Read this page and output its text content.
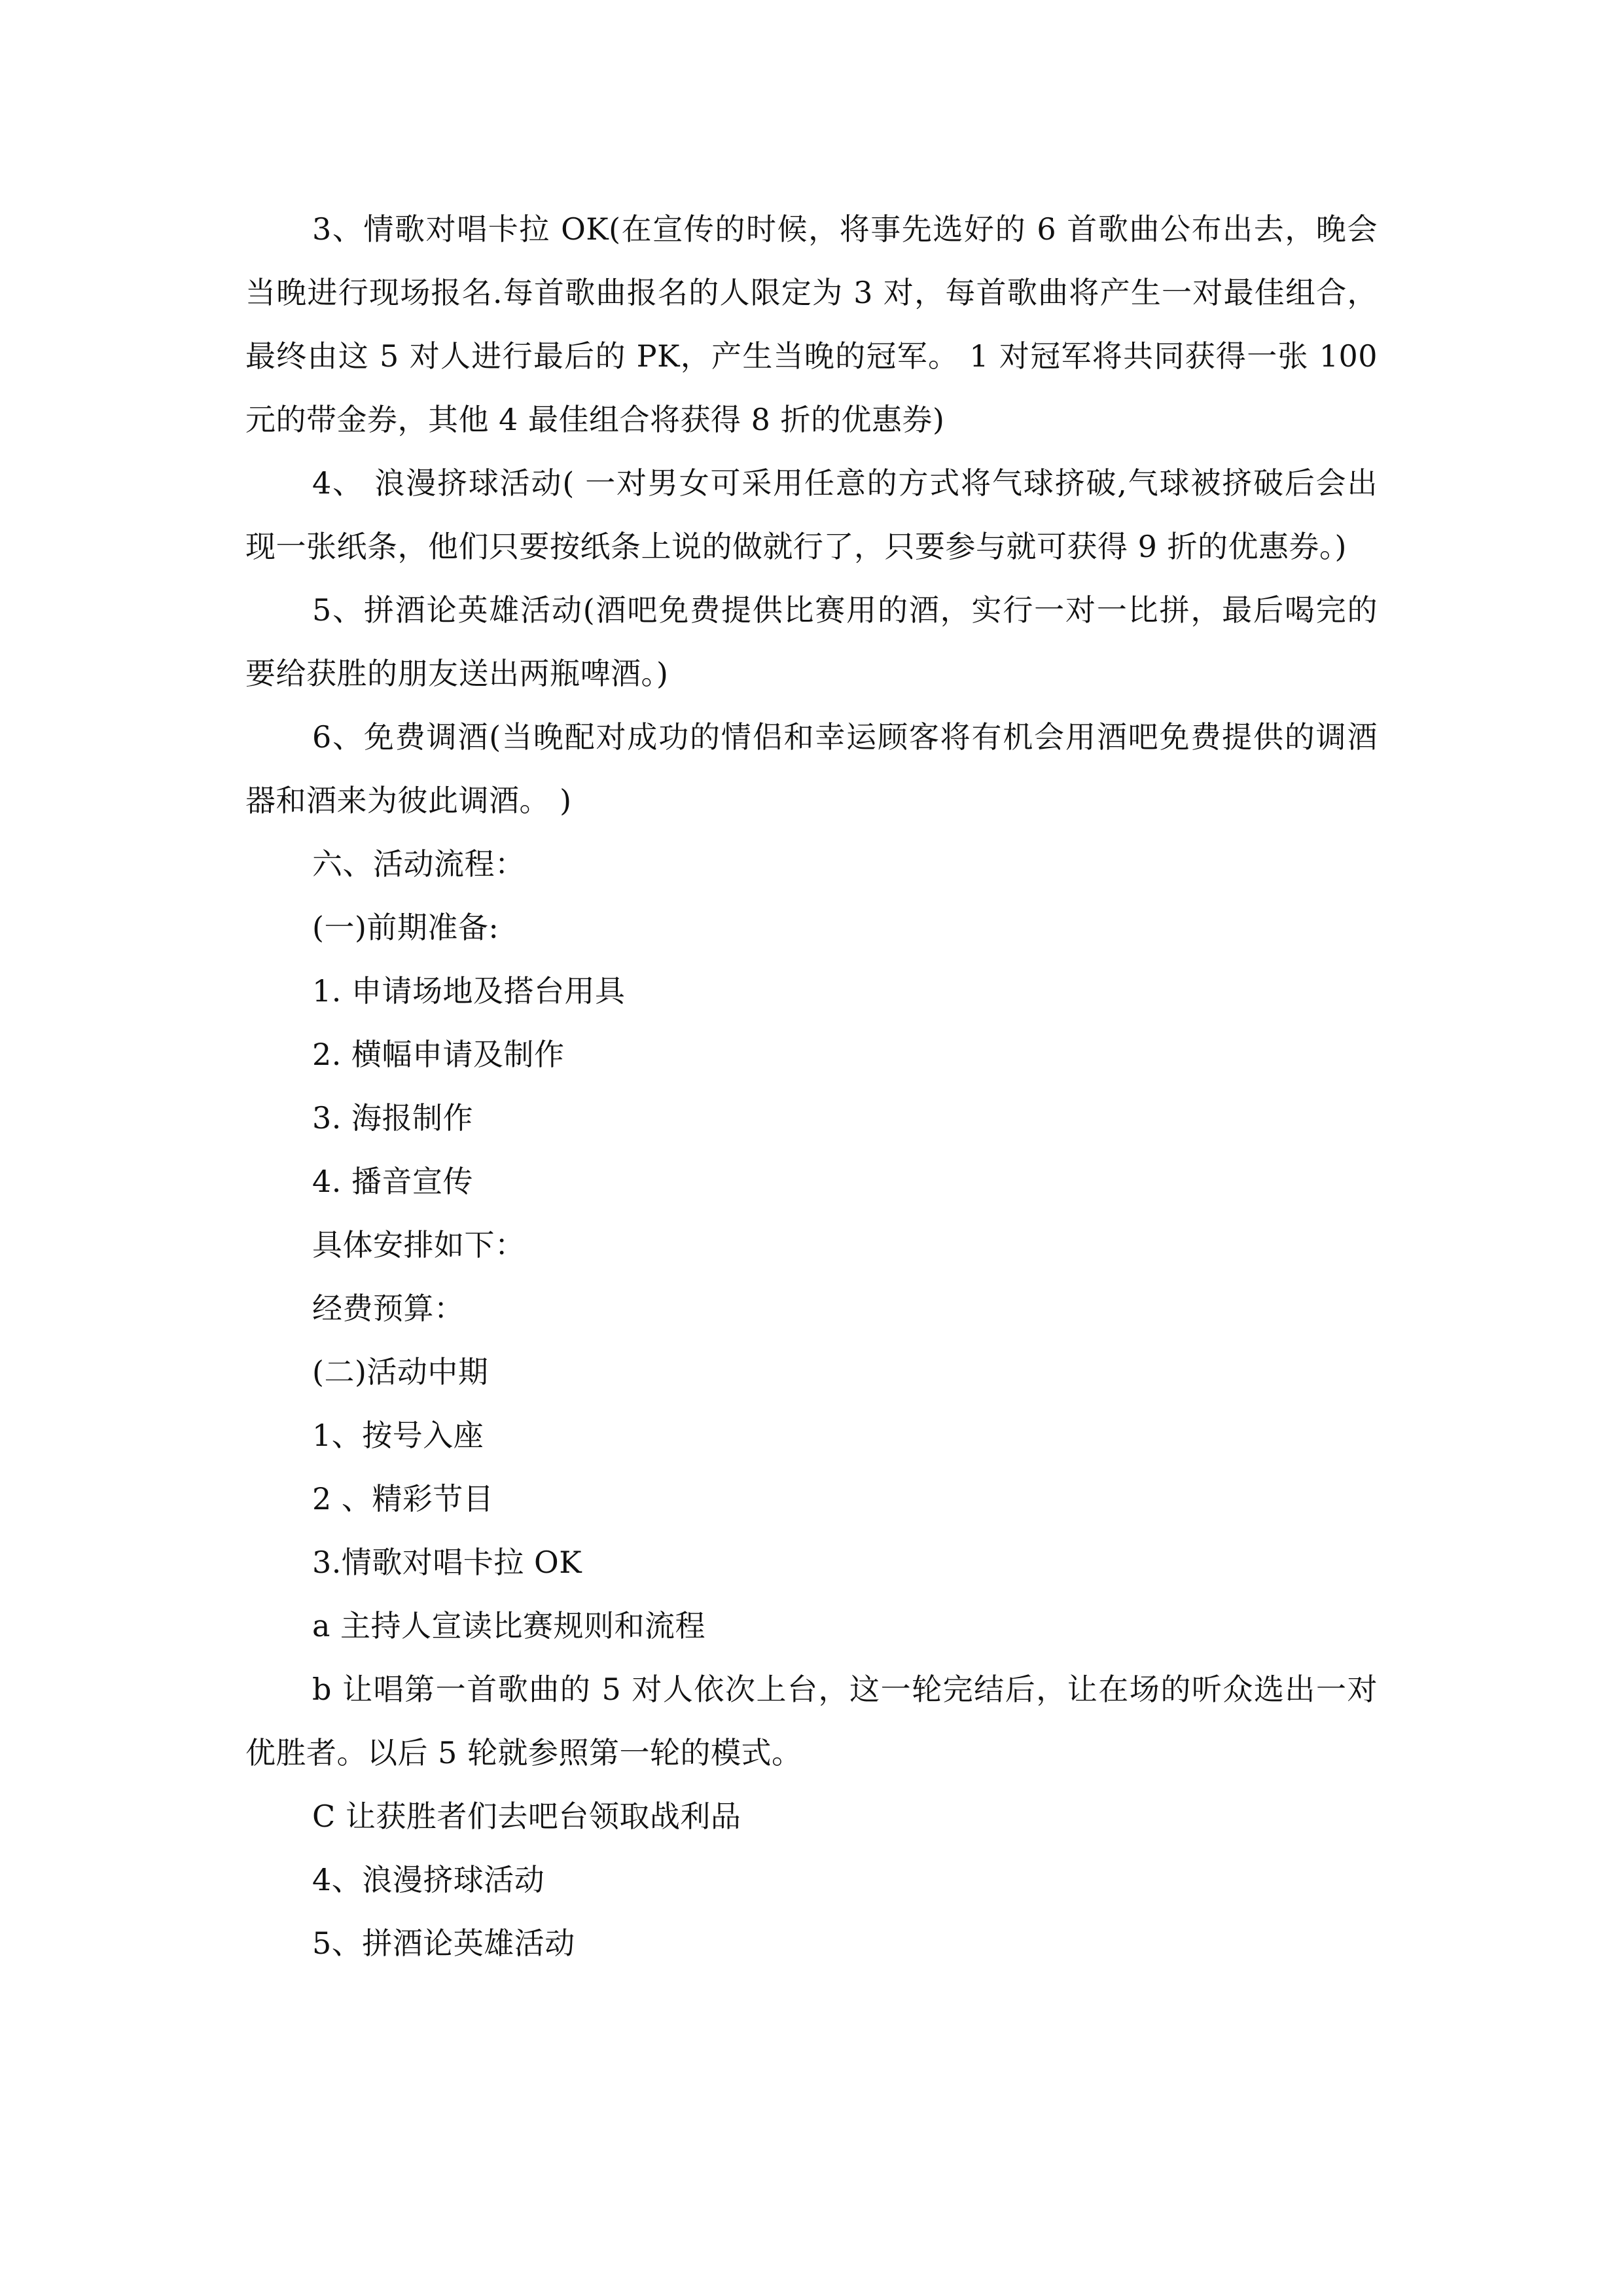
3、情歌对唱卡拉 OK(在宣传的时候，将事先选好的 6 首歌曲公布出去，晚会当晚进行现场报名.每首歌曲报名的人限定为 3 对，每首歌曲将产生一对最佳组合，最终由这 5 对人进行最后的 PK，产生当晚的冠军。 1 对冠军将共同获得一张 100 元的带金券，其他 4 最佳组合将获得 8 折的优惠券)

4、 浪漫挤球活动( 一对男女可采用任意的方式将气球挤破,气球被挤破后会出现一张纸条，他们只要按纸条上说的做就行了，只要参与就可获得 9 折的优惠券。)

5、拼酒论英雄活动(酒吧免费提供比赛用的酒，实行一对一比拼，最后喝完的要给获胜的朋友送出两瓶啤酒。)

6、免费调酒(当晚配对成功的情侣和幸运顾客将有机会用酒吧免费提供的调酒器和酒来为彼此调酒。 )

六、活动流程：

(一)前期准备:

1. 申请场地及搭台用具

2. 横幅申请及制作

3. 海报制作

4. 播音宣传

具体安排如下：

经费预算：

(二)活动中期

1、按号入座

2 、精彩节目

3.情歌对唱卡拉 OK

a 主持人宣读比赛规则和流程

b 让唱第一首歌曲的 5 对人依次上台，这一轮完结后，让在场的听众选出一对优胜者。以后 5 轮就参照第一轮的模式。

C 让获胜者们去吧台领取战利品

4、浪漫挤球活动

5、拼酒论英雄活动
